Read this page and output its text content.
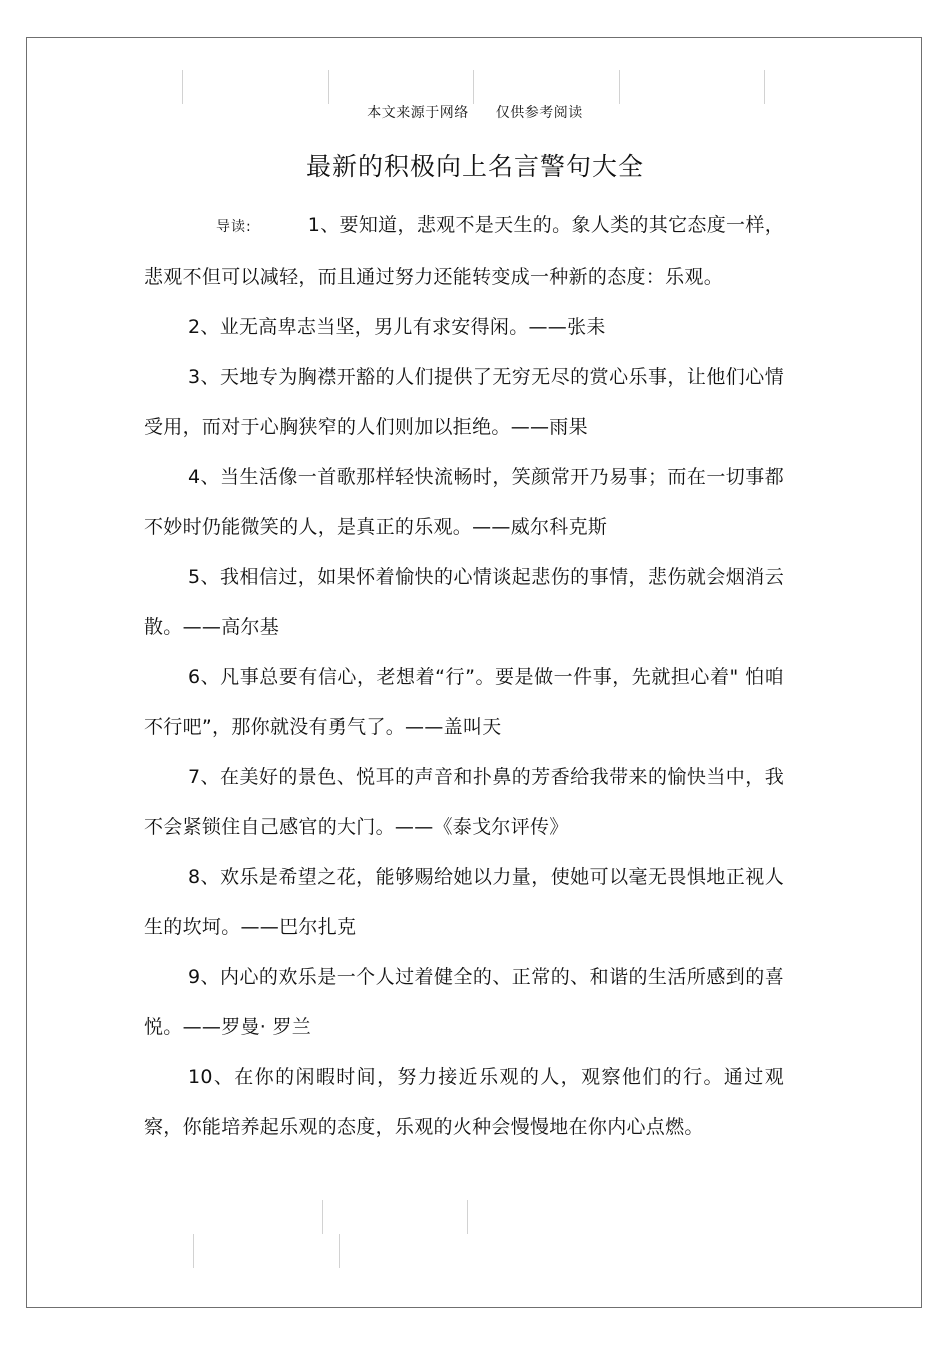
本文来源于网络 仅供参考阅读
最新的积极向上名言警句大全

导读:	1、要知道，悲观不是天生的。象人类的其它态度一样，悲观不但可以减轻，而且通过努力还能转变成一种新的态度：乐观。

2、业无高卑志当坚，男儿有求安得闲。——张耒

3、天地专为胸襟开豁的人们提供了无穷无尽的赏心乐事，让他们心情受用，而对于心胸狭窄的人们则加以拒绝。——雨果

4、当生活像一首歌那样轻快流畅时，笑颜常开乃易事；而在一切事都不妙时仍能微笑的人，是真正的乐观。——威尔科克斯

5、我相信过，如果怀着愉快的心情谈起悲伤的事情，悲伤就会烟消云散。——高尔基

6、凡事总要有信心，老想着“行”。要是做一件事，先就担心着" 怕咱不行吧”，那你就没有勇气了。——盖叫天

7、在美好的景色、悦耳的声音和扑鼻的芳香给我带来的愉快当中，我不会紧锁住自己感官的大门。——《泰戈尔评传》

8、欢乐是希望之花，能够赐给她以力量，使她可以毫无畏惧地正视人生的坎坷。——巴尔扎克

9、内心的欢乐是一个人过着健全的、正常的、和谐的生活所感到的喜悦。——罗曼· 罗兰

10、在你的闲暇时间，努力接近乐观的人，观察他们的行。通过观察，你能培养起乐观的态度，乐观的火种会慢慢地在你内心点燃。
